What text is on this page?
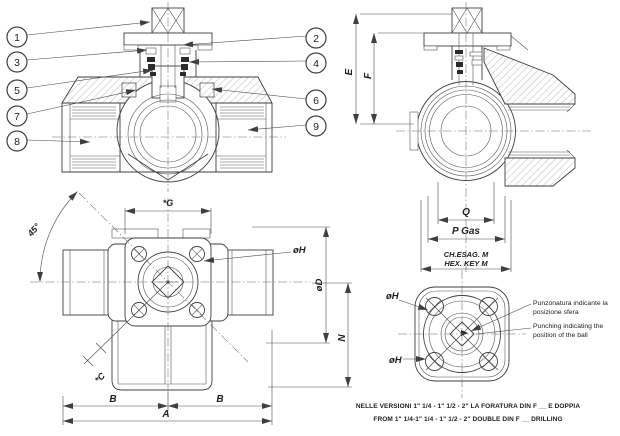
E
F
Q
P Gas
CH.ESAG. M
HEX. KEY M
45°
*C
*G
øH
øD
N
B	B
A
øH
øH
Punzonatura indicante la
posizione sfera
Punching indicating the
position of the ball
1
3
5
7
8
2
4
6
9
NELLE VERSIONI 1" 1/4 - 1" 1/2 - 2" LA FORATURA DIN F __ E DOPPIA
FROM 1" 1/4-1" 1/4 - 1" 1/2 - 2" DOUBLE DIN F __ DRILLING
